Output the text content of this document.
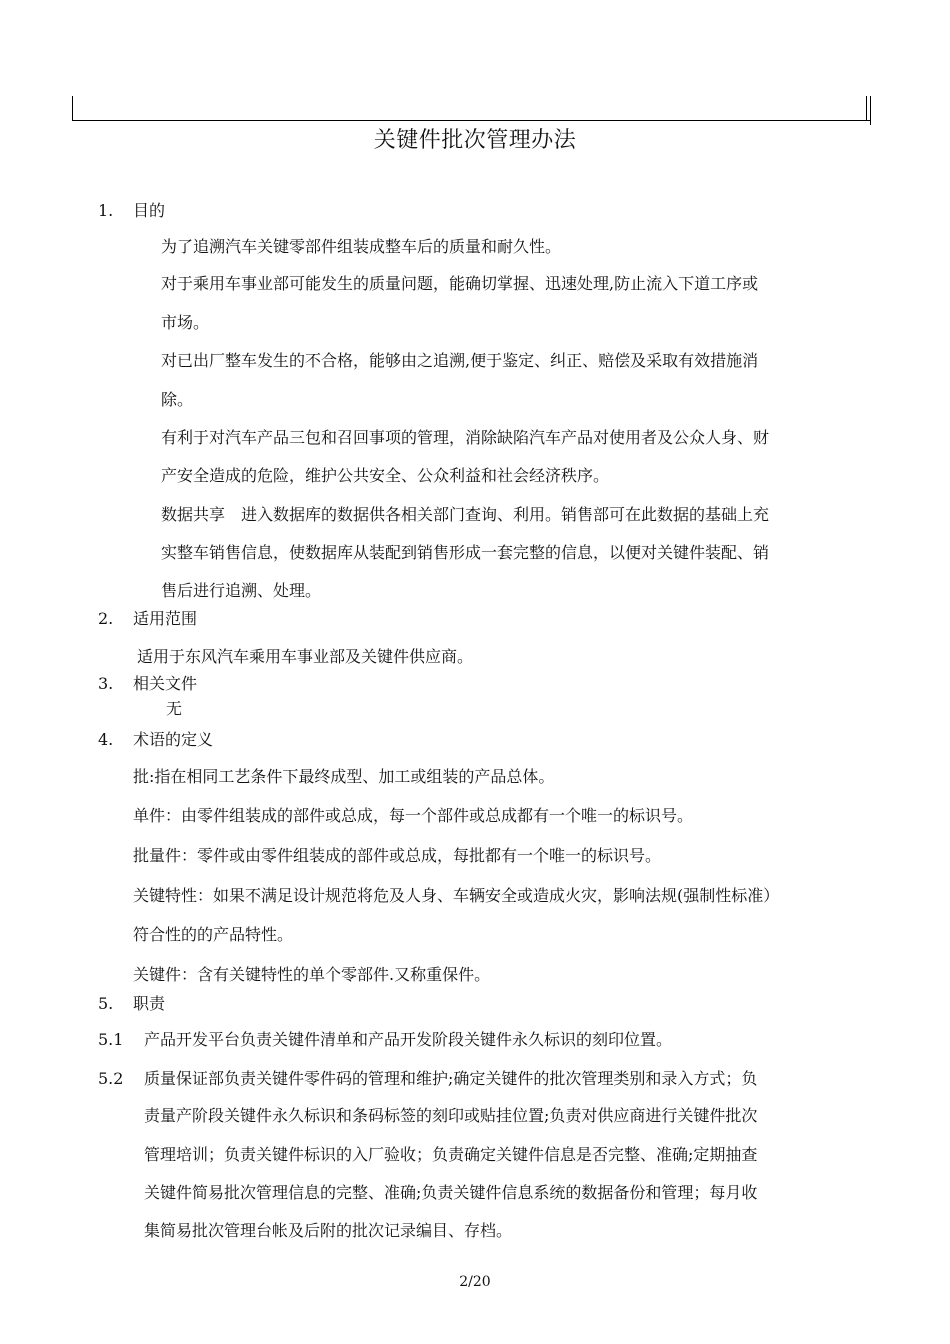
关键件批次管理办法
1. 目的
为了追溯汽车关键零部件组装成整车后的质量和耐久性。
对于乘用车事业部可能发生的质量问题，能确切掌握、迅速处理,防止流入下道工序或
市场。
对已出厂整车发生的不合格，能够由之追溯,便于鉴定、纠正、赔偿及采取有效措施消
除。
有利于对汽车产品三包和召回事项的管理，消除缺陷汽车产品对使用者及公众人身、财
产安全造成的危险，维护公共安全、公众利益和社会经济秩序。
数据共享　进入数据库的数据供各相关部门查询、利用。销售部可在此数据的基础上充
实整车销售信息，使数据库从装配到销售形成一套完整的信息，以便对关键件装配、销
售后进行追溯、处理。
2. 适用范围
适用于东风汽车乘用车事业部及关键件供应商。
3. 相关文件
无
4. 术语的定义
批:指在相同工艺条件下最终成型、加工或组装的产品总体。
单件：由零件组装成的部件或总成，每一个部件或总成都有一个唯一的标识号。
批量件：零件或由零件组装成的部件或总成，每批都有一个唯一的标识号。
关键特性：如果不满足设计规范将危及人身、车辆安全或造成火灾，影响法规(强制性标准）
符合性的的产品特性。
关键件：含有关键特性的单个零部件.又称重保件。
5. 职责
5.1 产品开发平台负责关键件清单和产品开发阶段关键件永久标识的刻印位置。
5.2 质量保证部负责关键件零件码的管理和维护;确定关键件的批次管理类别和录入方式；负
责量产阶段关键件永久标识和条码标签的刻印或贴挂位置;负责对供应商进行关键件批次
管理培训；负责关键件标识的入厂验收；负责确定关键件信息是否完整、准确;定期抽查
关键件简易批次管理信息的完整、准确;负责关键件信息系统的数据备份和管理；每月收
集简易批次管理台帐及后附的批次记录编目、存档。
2/20
